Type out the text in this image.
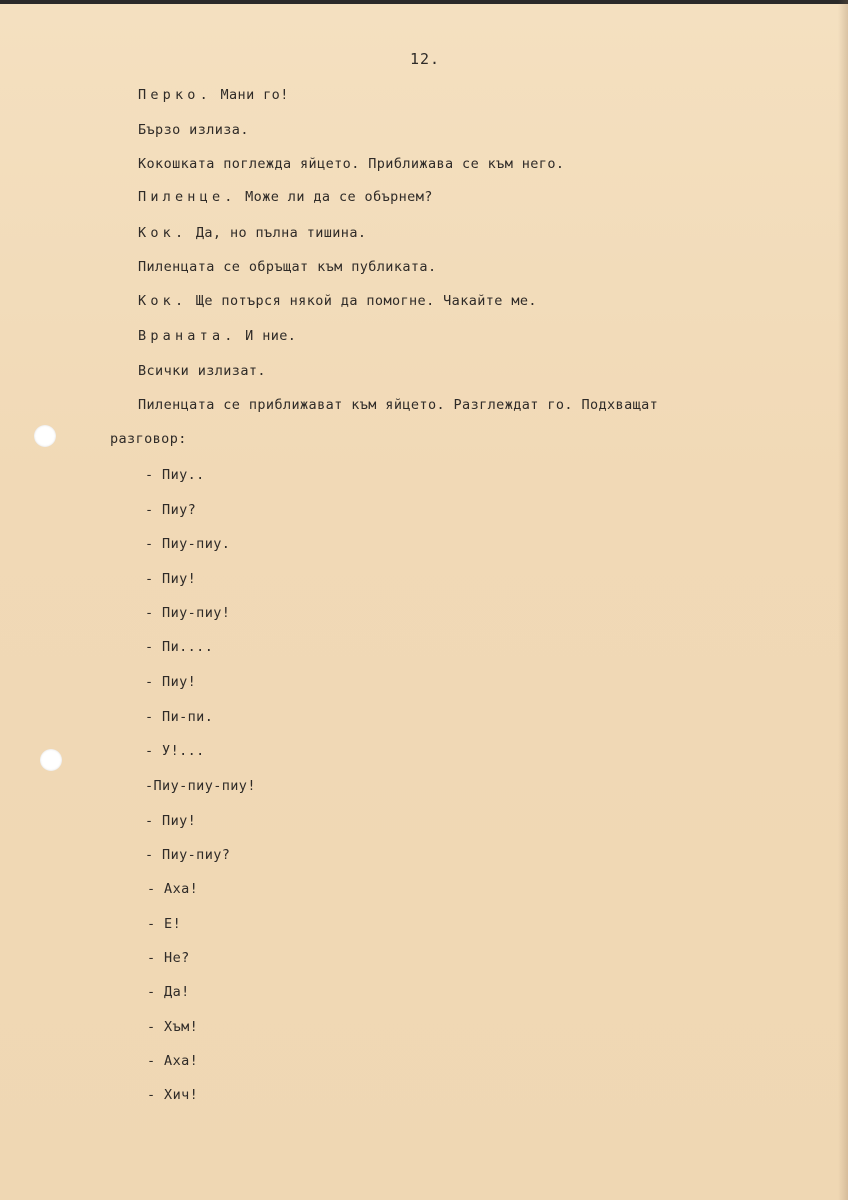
12.
Перко. Мани го!
Бързо излиза.
Кокошката поглежда яйцето. Приближава се към него.
Пиленце. Може ли да се обърнем?
Кок. Да, но пълна тишина.
Пиленцата се обръщат към публиката.
Кок. Ще потърся някой да помогне. Чакайте ме.
Враната. И ние.
Всички излизат.
Пиленцата се приближават към яйцето. Разглеждат го. Подхващат
разговор:
- Пиу..
- Пиу?
- Пиу-пиу.
- Пиу!
- Пиу-пиу!
- Пи....
- Пиу!
- Пи-пи.
- У!...
-Пиу-пиу-пиу!
- Пиу!
- Пиу-пиу?
- Аха!
- Е!
- Не?
- Да!
- Хъм!
- Аха!
- Хич!
